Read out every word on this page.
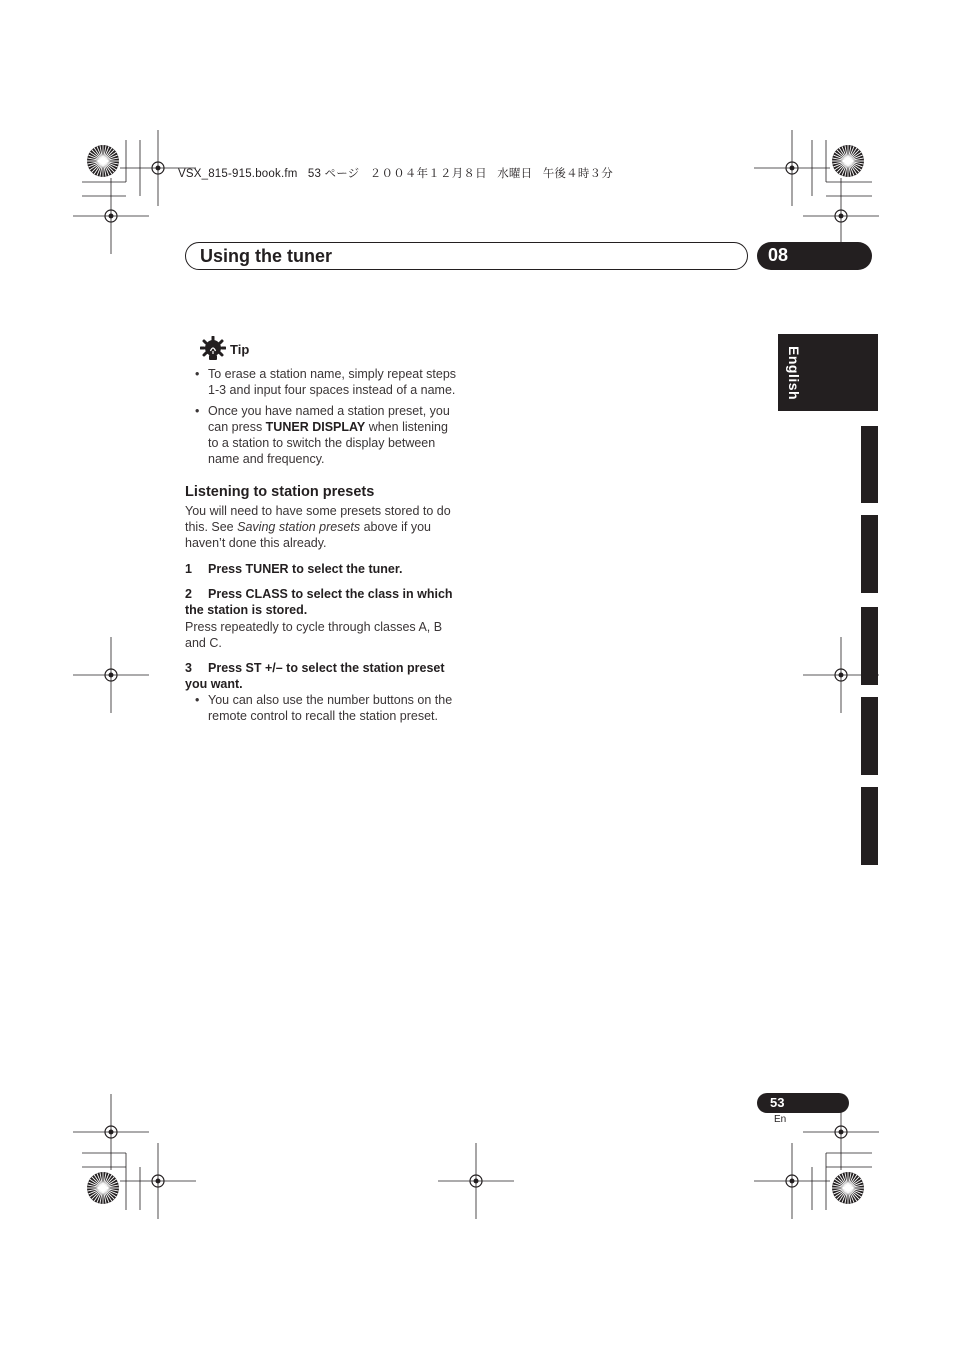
VSX_815-915.book.fm 53 ページ ２００４年１２月８日 水曜日 午後４時３分
Using the tuner	08
English
Tip
• To erase a station name, simply repeat steps 1-3 and input four spaces instead of a name.
• Once you have named a station preset, you can press TUNER DISPLAY when listening to a station to switch the display between name and frequency.
Listening to station presets

You will need to have some presets stored to do this. See Saving station presets above if you haven’t done this already.

1 Press TUNER to select the tuner.
2 Press CLASS to select the class in which the station is stored.

Press repeatedly to cycle through classes A, B and C.

3 Press ST +/– to select the station preset you want.
• You can also use the number buttons on the remote control to recall the station preset.
53
En
